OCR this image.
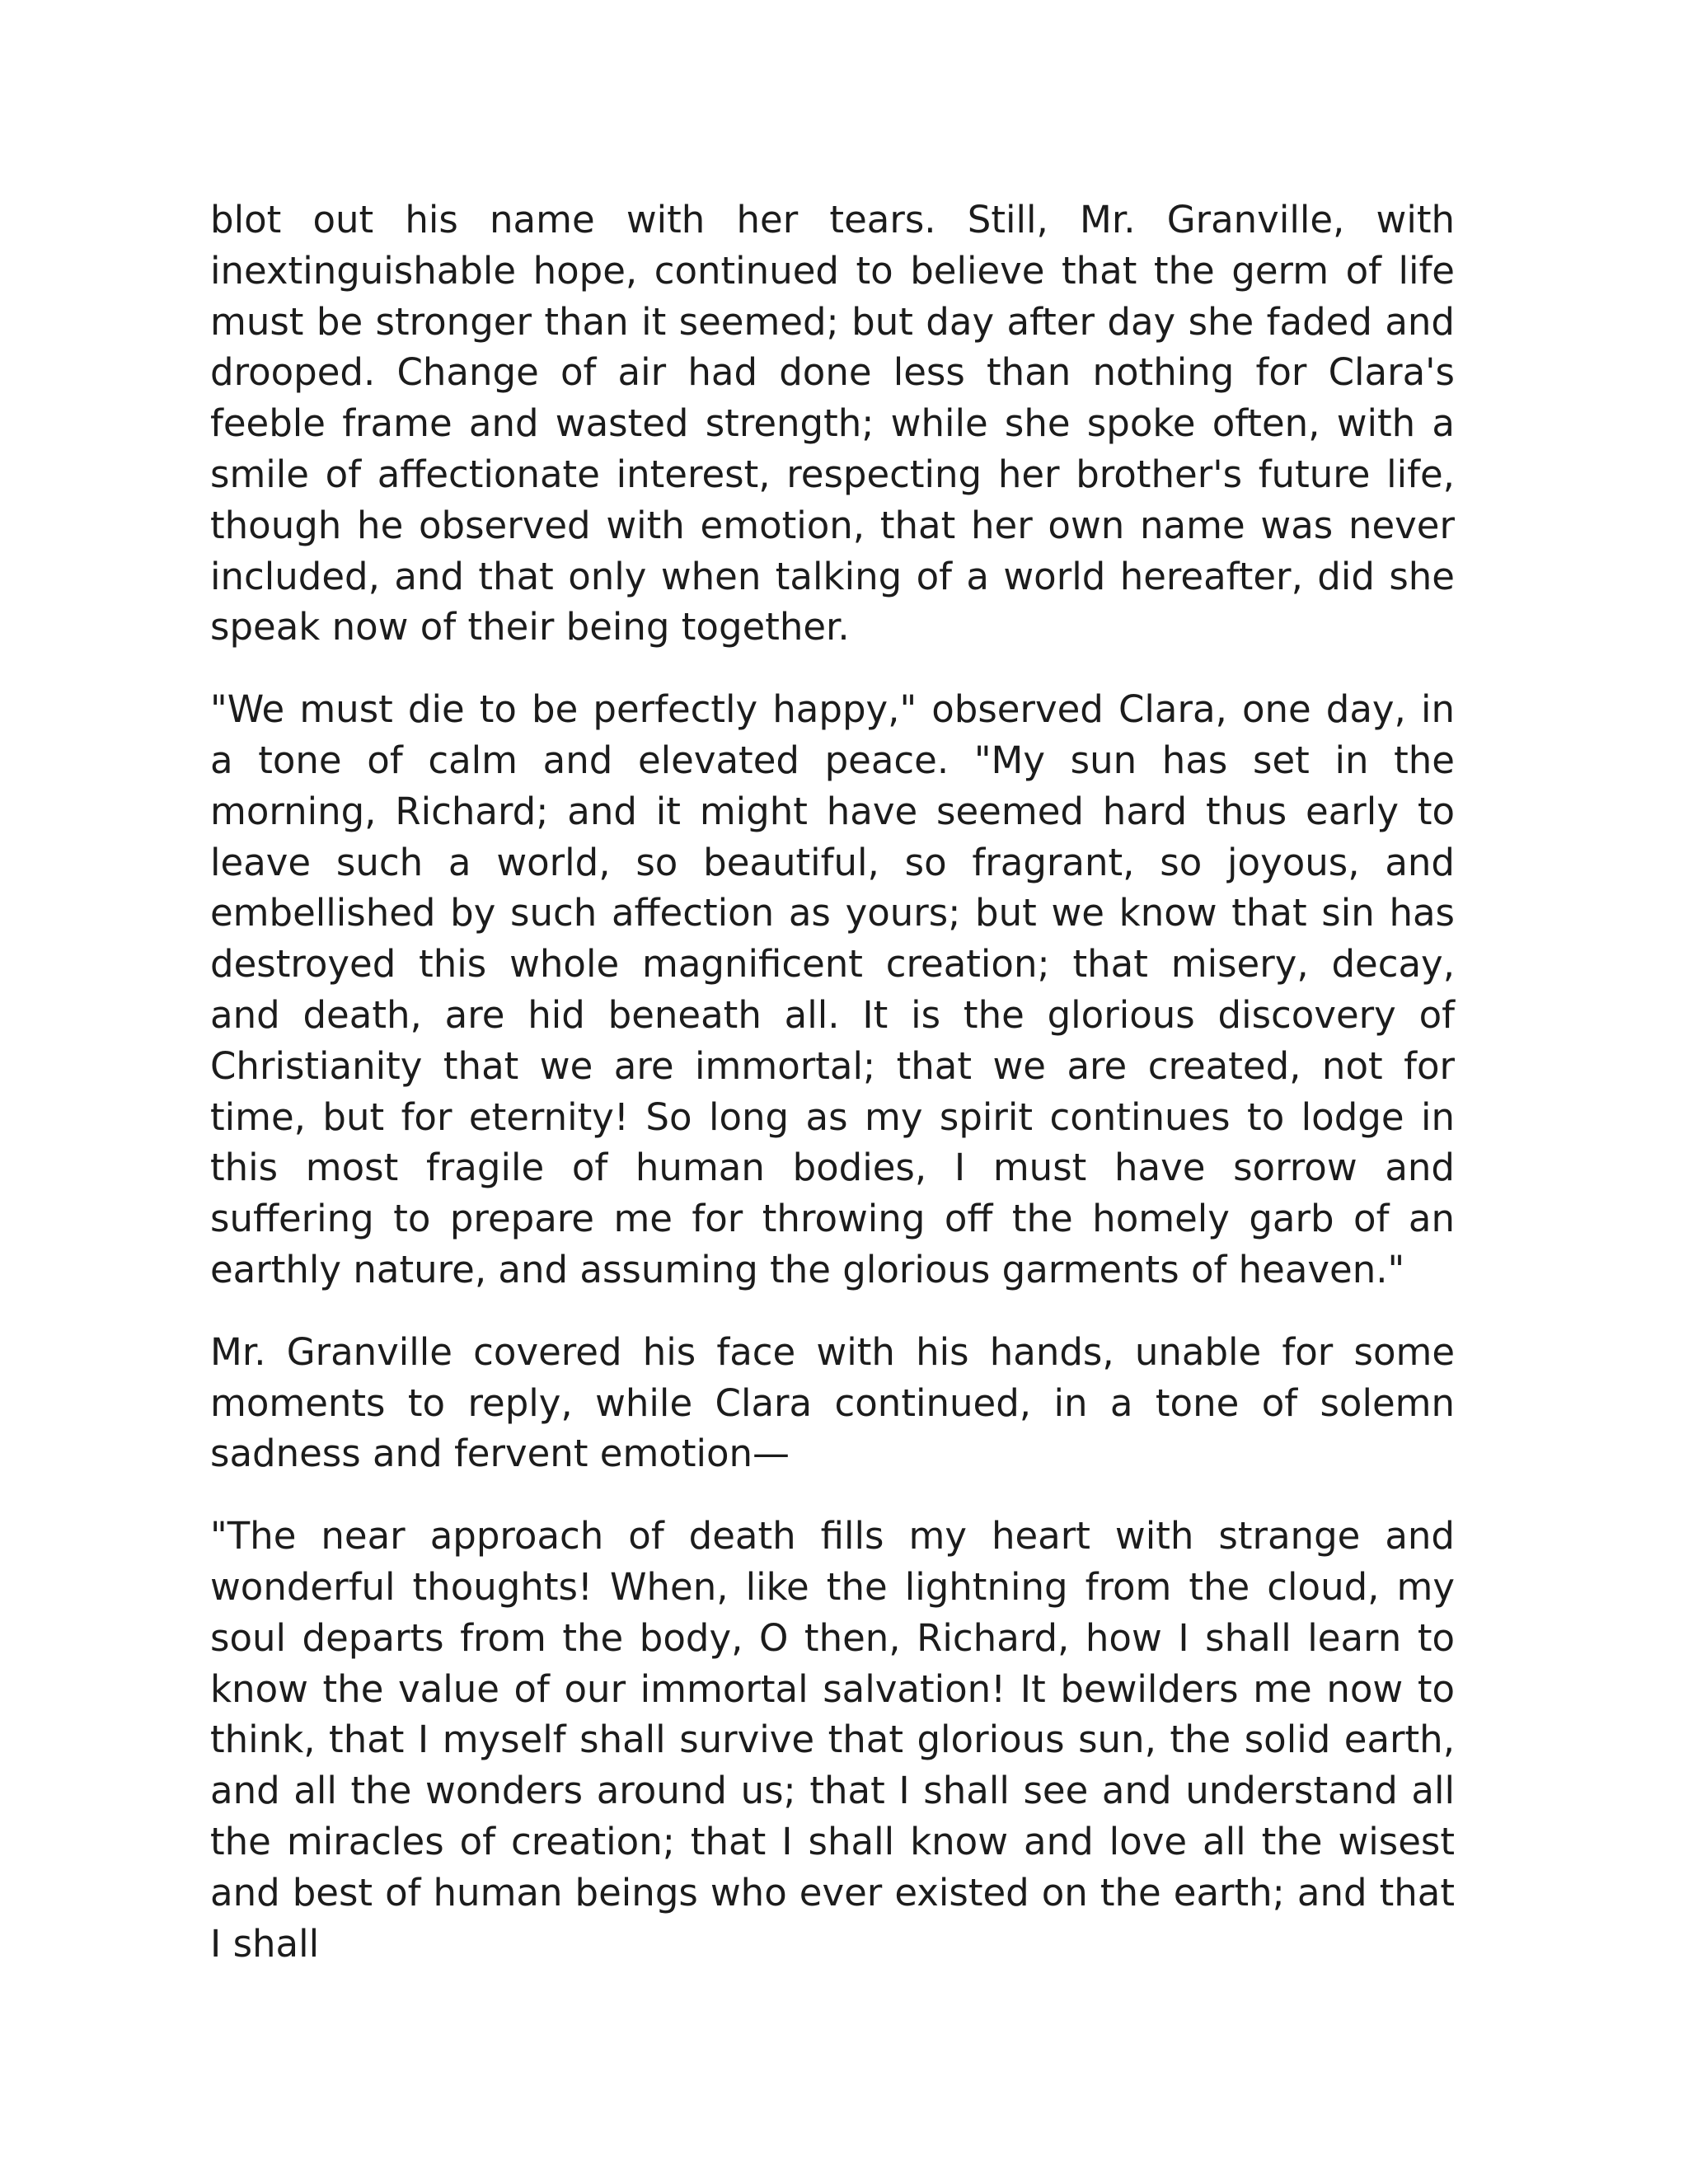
blot out his name with her tears. Still, Mr. Granville, with inextinguishable hope, continued to believe that the germ of life must be stronger than it seemed; but day after day she faded and drooped. Change of air had done less than nothing for Clara's feeble frame and wasted strength; while she spoke often, with a smile of affectionate interest, respecting her brother's future life, though he observed with emotion, that her own name was never included, and that only when talking of a world hereafter, did she speak now of their being together.

"We must die to be perfectly happy," observed Clara, one day, in a tone of calm and elevated peace. "My sun has set in the morning, Richard; and it might have seemed hard thus early to leave such a world, so beautiful, so fragrant, so joyous, and embellished by such affection as yours; but we know that sin has destroyed this whole magnificent creation; that misery, decay, and death, are hid beneath all. It is the glorious discovery of Christianity that we are immortal; that we are created, not for time, but for eternity! So long as my spirit continues to lodge in this most fragile of human bodies, I must have sorrow and suffering to prepare me for throwing off the homely garb of an earthly nature, and assuming the glorious garments of heaven."

Mr. Granville covered his face with his hands, unable for some moments to reply, while Clara continued, in a tone of solemn sadness and fervent emotion—

"The near approach of death fills my heart with strange and wonderful thoughts! When, like the lightning from the cloud, my soul departs from the body, O then, Richard, how I shall learn to know the value of our immortal salvation! It bewilders me now to think, that I myself shall survive that glorious sun, the solid earth, and all the wonders around us; that I shall see and understand all the miracles of creation; that I shall know and love all the wisest and best of human beings who ever existed on the earth; and that I shall
